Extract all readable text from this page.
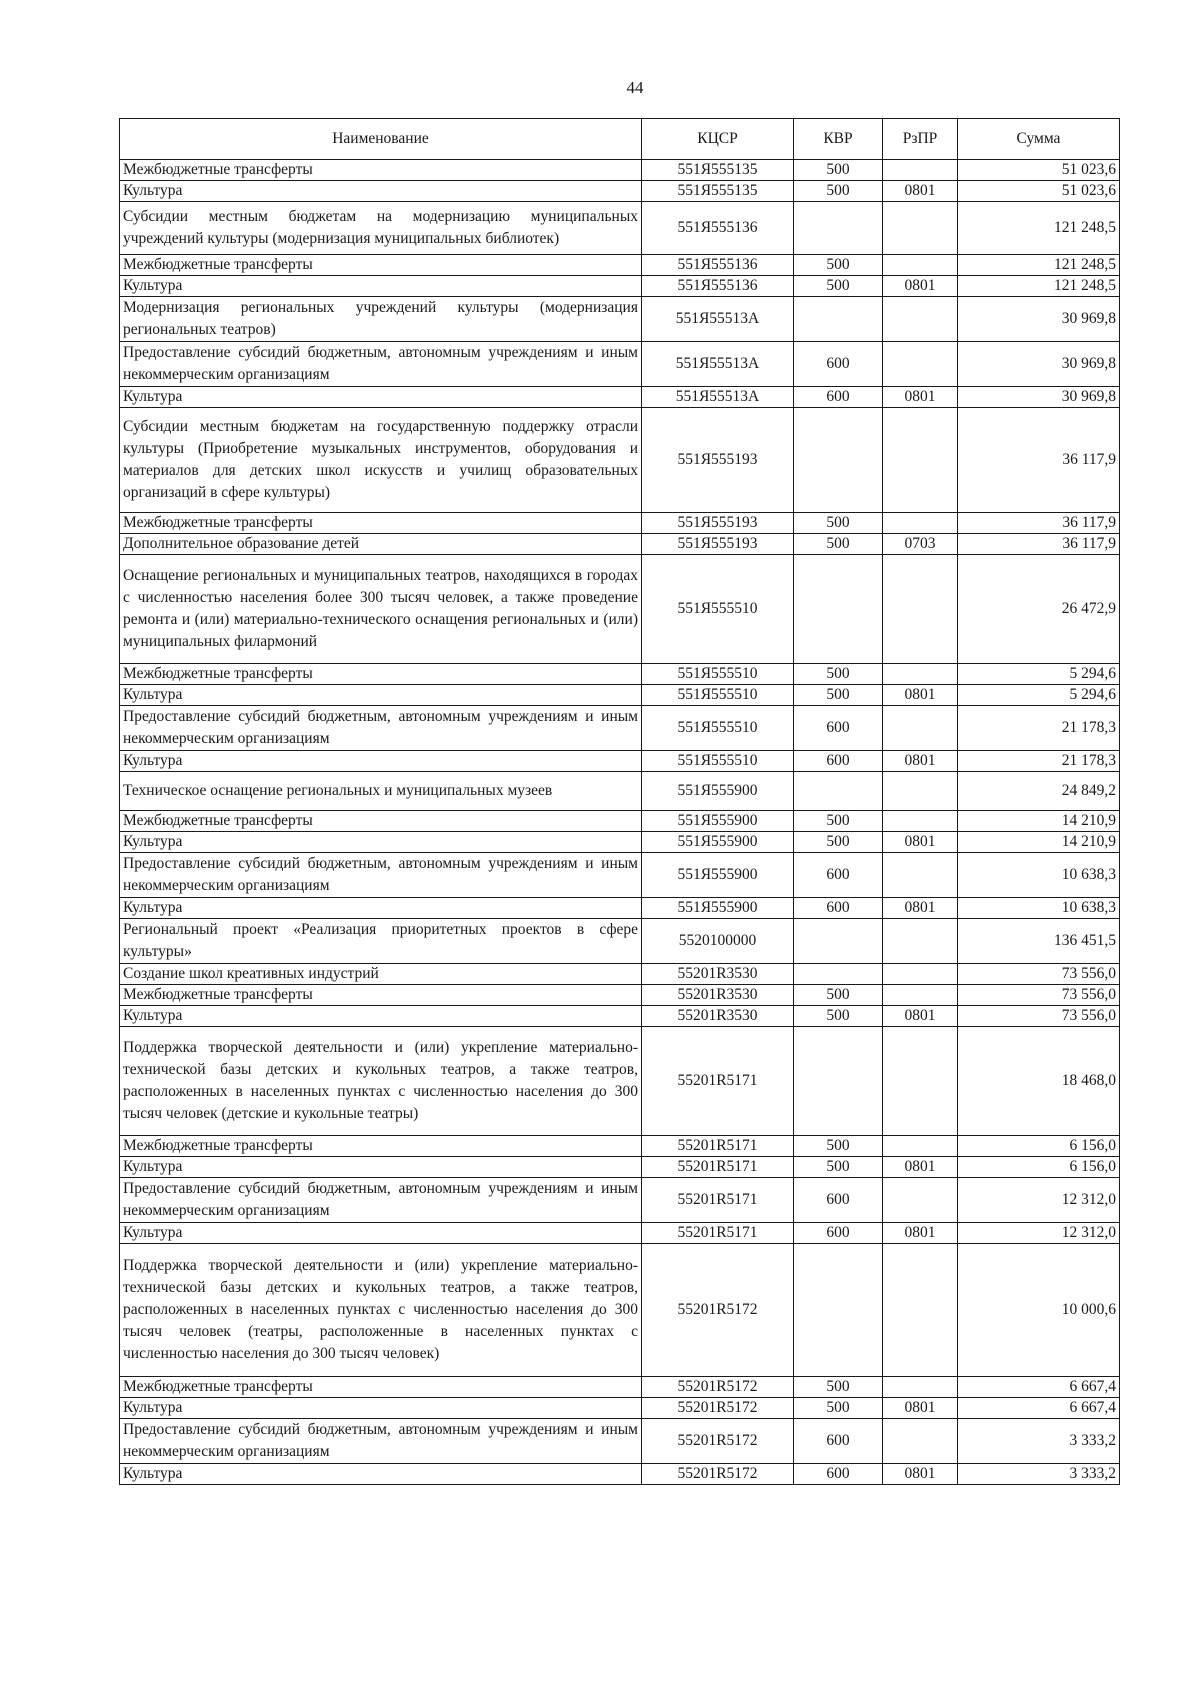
44
Наименование	КЦСР	КВР	РзПР	Сумма
Межбюджетные трансферты	551Я555135	500		51 023,6
Культура	551Я555135	500	0801	51 023,6
Субсидии местным бюджетам на модернизацию муниципальных учреждений культуры (модернизация муниципальных библиотек)	551Я555136			121 248,5
Межбюджетные трансферты	551Я555136	500		121 248,5
Культура	551Я555136	500	0801	121 248,5
Модернизация региональных учреждений культуры (модернизация региональных театров)	551Я55513А			30 969,8
Предоставление субсидий бюджетным, автономным учреждениям и иным некоммерческим организациям	551Я55513А	600		30 969,8
Культура	551Я55513А	600	0801	30 969,8
Субсидии местным бюджетам на государственную поддержку отрасли культуры (Приобретение музыкальных инструментов, оборудования и материалов для детских школ искусств и училищ образовательных организаций в сфере культуры)	551Я555193			36 117,9
Межбюджетные трансферты	551Я555193	500		36 117,9
Дополнительное образование детей	551Я555193	500	0703	36 117,9
Оснащение региональных и муниципальных театров, находящихся в городах с численностью населения более 300 тысяч человек, а также проведение ремонта и (или) материально-технического оснащения региональных и (или) муниципальных филармоний	551Я555510			26 472,9
Межбюджетные трансферты	551Я555510	500		5 294,6
Культура	551Я555510	500	0801	5 294,6
Предоставление субсидий бюджетным, автономным учреждениям и иным некоммерческим организациям	551Я555510	600		21 178,3
Культура	551Я555510	600	0801	21 178,3
Техническое оснащение региональных и муниципальных музеев	551Я555900			24 849,2
Межбюджетные трансферты	551Я555900	500		14 210,9
Культура	551Я555900	500	0801	14 210,9
Предоставление субсидий бюджетным, автономным учреждениям и иным некоммерческим организациям	551Я555900	600		10 638,3
Культура	551Я555900	600	0801	10 638,3
Региональный проект «Реализация приоритетных проектов в сфере культуры»	5520100000			136 451,5
Создание школ креативных индустрий	55201R3530			73 556,0
Межбюджетные трансферты	55201R3530	500		73 556,0
Культура	55201R3530	500	0801	73 556,0
Поддержка творческой деятельности и (или) укрепление материально-технической базы детских и кукольных театров, а также театров, расположенных в населенных пунктах с численностью населения до 300 тысяч человек (детские и кукольные театры)	55201R5171			18 468,0
Межбюджетные трансферты	55201R5171	500		6 156,0
Культура	55201R5171	500	0801	6 156,0
Предоставление субсидий бюджетным, автономным учреждениям и иным некоммерческим организациям	55201R5171	600		12 312,0
Культура	55201R5171	600	0801	12 312,0
Поддержка творческой деятельности и (или) укрепление материально-технической базы детских и кукольных театров, а также театров, расположенных в населенных пунктах с численностью населения до 300 тысяч человек (театры, расположенные в населенных пунктах с численностью населения до 300 тысяч человек)	55201R5172			10 000,6
Межбюджетные трансферты	55201R5172	500		6 667,4
Культура	55201R5172	500	0801	6 667,4
Предоставление субсидий бюджетным, автономным учреждениям и иным некоммерческим организациям	55201R5172	600		3 333,2
Культура	55201R5172	600	0801	3 333,2
